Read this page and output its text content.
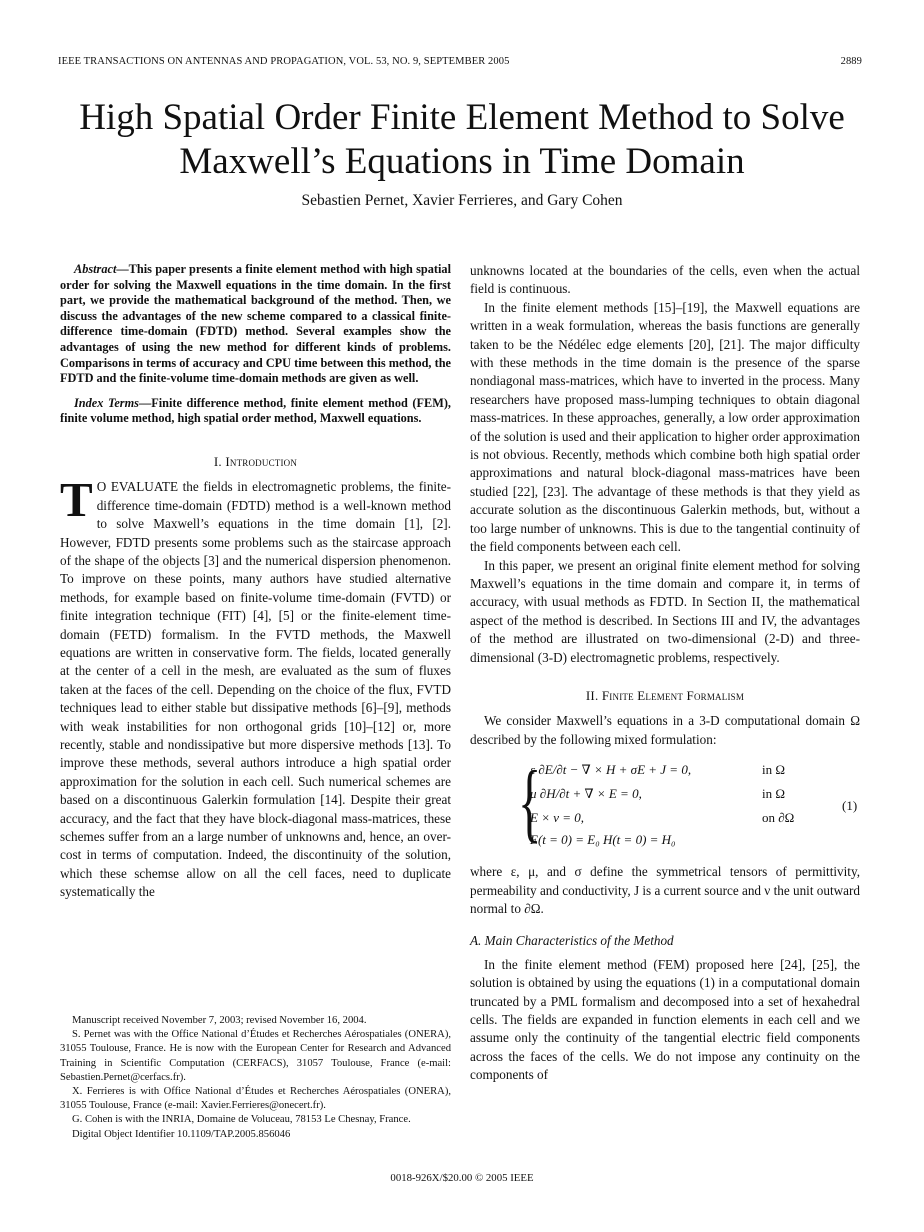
IEEE TRANSACTIONS ON ANTENNAS AND PROPAGATION, VOL. 53, NO. 9, SEPTEMBER 2005	2889
High Spatial Order Finite Element Method to Solve
Maxwell’s Equations in Time Domain
Sebastien Pernet, Xavier Ferrieres, and Gary Cohen

Abstract—This paper presents a finite element method with high spatial order for solving the Maxwell equations in the time domain. In the first part, we provide the mathematical background of the method. Then, we discuss the advantages of the new scheme compared to a classical finite-difference time-domain (FDTD) method. Several examples show the advantages of using the new method for different kinds of problems. Comparisons in terms of accuracy and CPU time between this method, the FDTD and the finite-volume time-domain methods are given as well.

Index Terms—Finite difference method, finite element method (FEM), finite volume method, high spatial order method, Maxwell equations.

I. Introduction

T O EVALUATE the fields in electromagnetic problems, the finite-difference time-domain (FDTD) method is a well-known method to solve Maxwell’s equations in the time domain [1], [2]. However, FDTD presents some problems such as the staircase approach of the shape of the objects [3] and the numerical dispersion phenomenon. To improve on these points, many authors have studied alternative methods, for example based on finite-volume time-domain (FVTD) or finite integration technique (FIT) [4], [5] or the finite-element time-domain (FETD) formalism. In the FVTD methods, the Maxwell equations are written in conservative form. The fields, located generally at the center of a cell in the mesh, are evaluated as the sum of fluxes taken at the faces of the cell. Depending on the choice of the flux, FVTD techniques lead to either stable but dissipative methods [6]–[9], methods with weak instabilities for non orthogonal grids [10]–[12] or, more recently, stable and nondissipative but more dispersive methods [13]. To improve these methods, several authors introduce a high spatial order approximation for the solution in each cell. Such numerical schemes are based on a discontinuous Galerkin formulation [14]. Despite their great accuracy, and the fact that they have block-diagonal mass-matrices, these schemes suffer from an a large number of unknowns and, hence, an over-cost in terms of computation. Indeed, the discontinuity of the solution, which these schemse allow on all the cell faces, need to duplicate systematically the

Manuscript received November 7, 2003; revised November 16, 2004.

S. Pernet was with the Office National d’Études et Recherches Aérospatiales (ONERA), 31055 Toulouse, France. He is now with the European Center for Research and Advanced Training in Scientific Computation (CERFACS), 31057 Toulouse, France (e-mail: Sebastien.Pernet@cerfacs.fr).

X. Ferrieres is with Office National d’Études et Recherches Aérospatiales (ONERA), 31055 Toulouse, France (e-mail: Xavier.Ferrieres@onecert.fr).

G. Cohen is with the INRIA, Domaine de Voluceau, 78153 Le Chesnay, France.

Digital Object Identifier 10.1109/TAP.2005.856046

unknowns located at the boundaries of the cells, even when the actual field is continuous.

In the finite element methods [15]–[19], the Maxwell equations are written in a weak formulation, whereas the basis functions are generally taken to be the Nédélec edge elements [20], [21]. The major difficulty with these methods in the time domain is the presence of the sparse nondiagonal mass-matrices, which have to inverted in the process. Many researchers have proposed mass-lumping techniques to obtain diagonal mass-matrices. In these approaches, generally, a low order approximation of the solution is used and their application to higher order approximation is not obvious. Recently, methods which combine both high spatial order approximations and natural block-diagonal mass-matrices have been studied [22], [23]. The advantage of these methods is that they yield as accurate solution as the discontinuous Galerkin methods, but, without a too large number of unknowns. This is due to the tangential continuity of the field components between each cell.

In this paper, we present an original finite element method for solving Maxwell’s equations in the time domain and compare it, in terms of accuracy, with usual methods as FDTD. In Section II, the mathematical aspect of the method is described. In Sections III and IV, the advantages of the method are illustrated on two-dimensional (2-D) and three-dimensional (3-D) electromagnetic problems, respectively.

II. Finite Element Formalism

We consider Maxwell’s equations in a 3-D computational domain Ω described by the following mixed formulation:

{
ε ∂E/∂t − ∇ × H + σE + J = 0,
μ ∂H/∂t + ∇ × E = 0,
E × ν = 0,
E(t = 0) = E₀ H(t = 0) = H₀
in Ω
in Ω
on ∂Ω
(1)

where ε, μ, and σ define the symmetrical tensors of permittivity, permeability and conductivity, J is a current source and ν the unit outward normal to ∂Ω.

A. Main Characteristics of the Method

In the finite element method (FEM) proposed here [24], [25], the solution is obtained by using the equations (1) in a computational domain truncated by a PML formalism and decomposed into a set of hexahedral cells. The fields are expanded in function elements in each cell and we assume only the continuity of the tangential electric field components across the faces of the cells. We do not impose any continuity on the components of

0018-926X/$20.00 © 2005 IEEE
